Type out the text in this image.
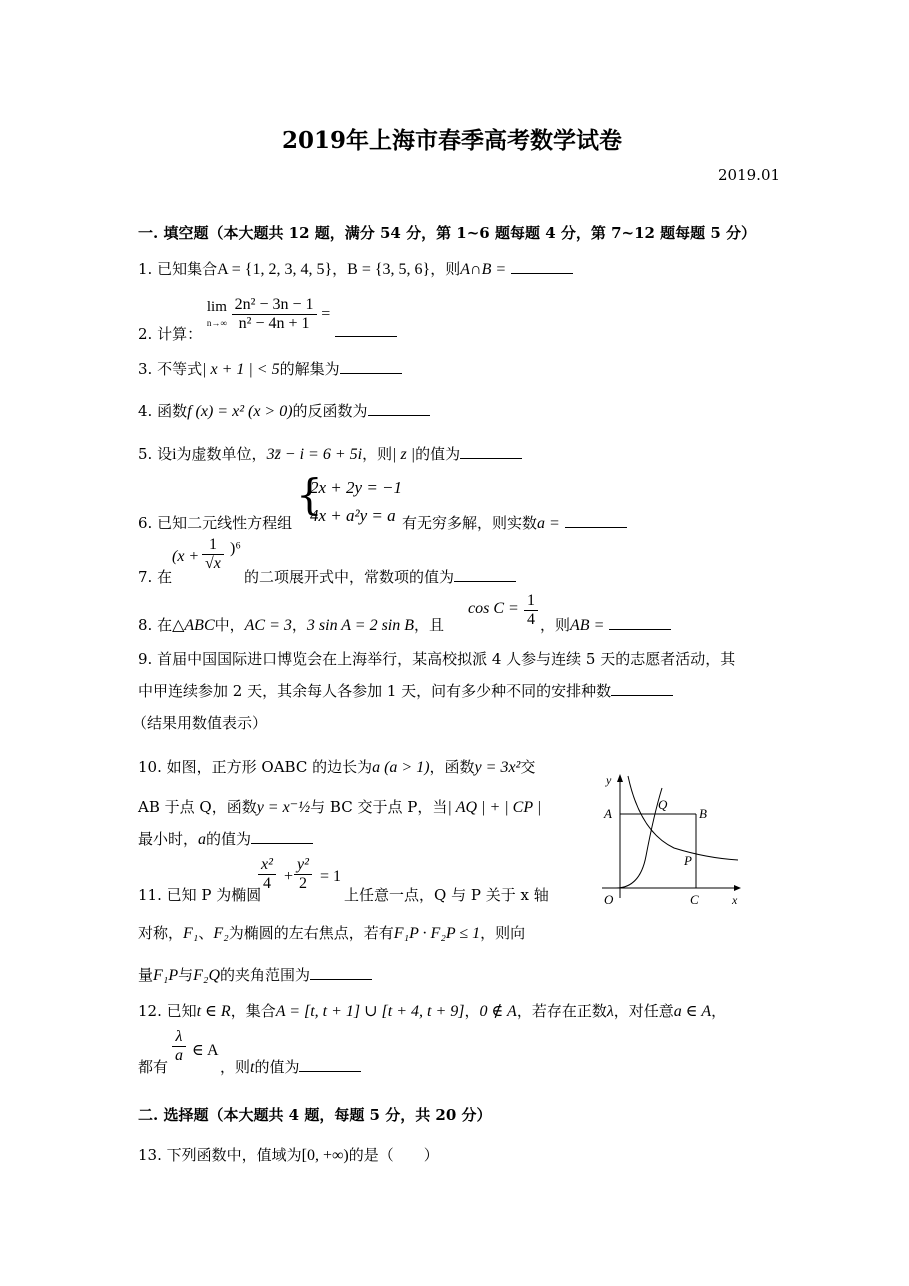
2019年上海市春季高考数学试卷
2019.01
一. 填空题（本大题共 12 题，满分 54 分，第 1~6 题每题 4 分，第 7~12 题每题 5 分）
1. 已知集合A = {1, 2, 3, 4, 5}，B = {3, 5, 6}，则A∩B =
2. 计算：
lim
n→∞
$\frac{\text{2n² − 3n − 1}}{\text{n² − 4n + 1}}$ =
3. 不等式| x + 1 | < 5的解集为
4. 函数f (x) = x² (x > 0)的反函数为
5. 设i为虚数单位，3z̄ − i = 6 + 5i，则| z |的值为
6. 已知二元线性方程组
{
2x + 2y = −1
4x + a²y = a 有无穷多解，则实数a =
7. 在
$(x + \frac{1}{√x} )^6$
的二项展开式中，常数项的值为
8. 在△ABC中，AC = 3，3 sin A = 2 sin B，且
$\cos C = \frac{1}{4}$ ，则AB =
9. 首届中国国际进口博览会在上海举行，某高校拟派 4 人参与连续 5 天的志愿者活动，其
中甲连续参加 2 天，其余每人各参加 1 天，问有多少种不同的安排种数
（结果用数值表示）
10. 如图，正方形 OABC 的边长为a (a > 1)，函数y = 3x²交
AB 于点 Q，函数y = x⁻½与 BC 交于点 P，当| AQ | + | CP |
最小时，a的值为
y
A
Q
B
P
O	C	x
11. 已知 P 为椭圆
$\frac{\text{x²}}{4} + \frac{\text{y²}}{2} = 1$
上任意一点，Q 与 P 关于 x 轴
对称，F₁、F₂为椭圆的左右焦点，若有F₁P · F₂P ≤ 1，则向
量F₁P与F₂Q的夹角范围为
12. 已知t ∈ R，集合A = [t, t + 1] ∪ [t + 4, t + 9]，0 ∉ A，若存在正数λ，对任意a ∈ A，
都有
$\frac{\lambda}{a}$ ∈ A
，则t的值为
二. 选择题（本大题共 4 题，每题 5 分，共 20 分）
13. 下列函数中，值域为[0, +∞)的是（　　）
